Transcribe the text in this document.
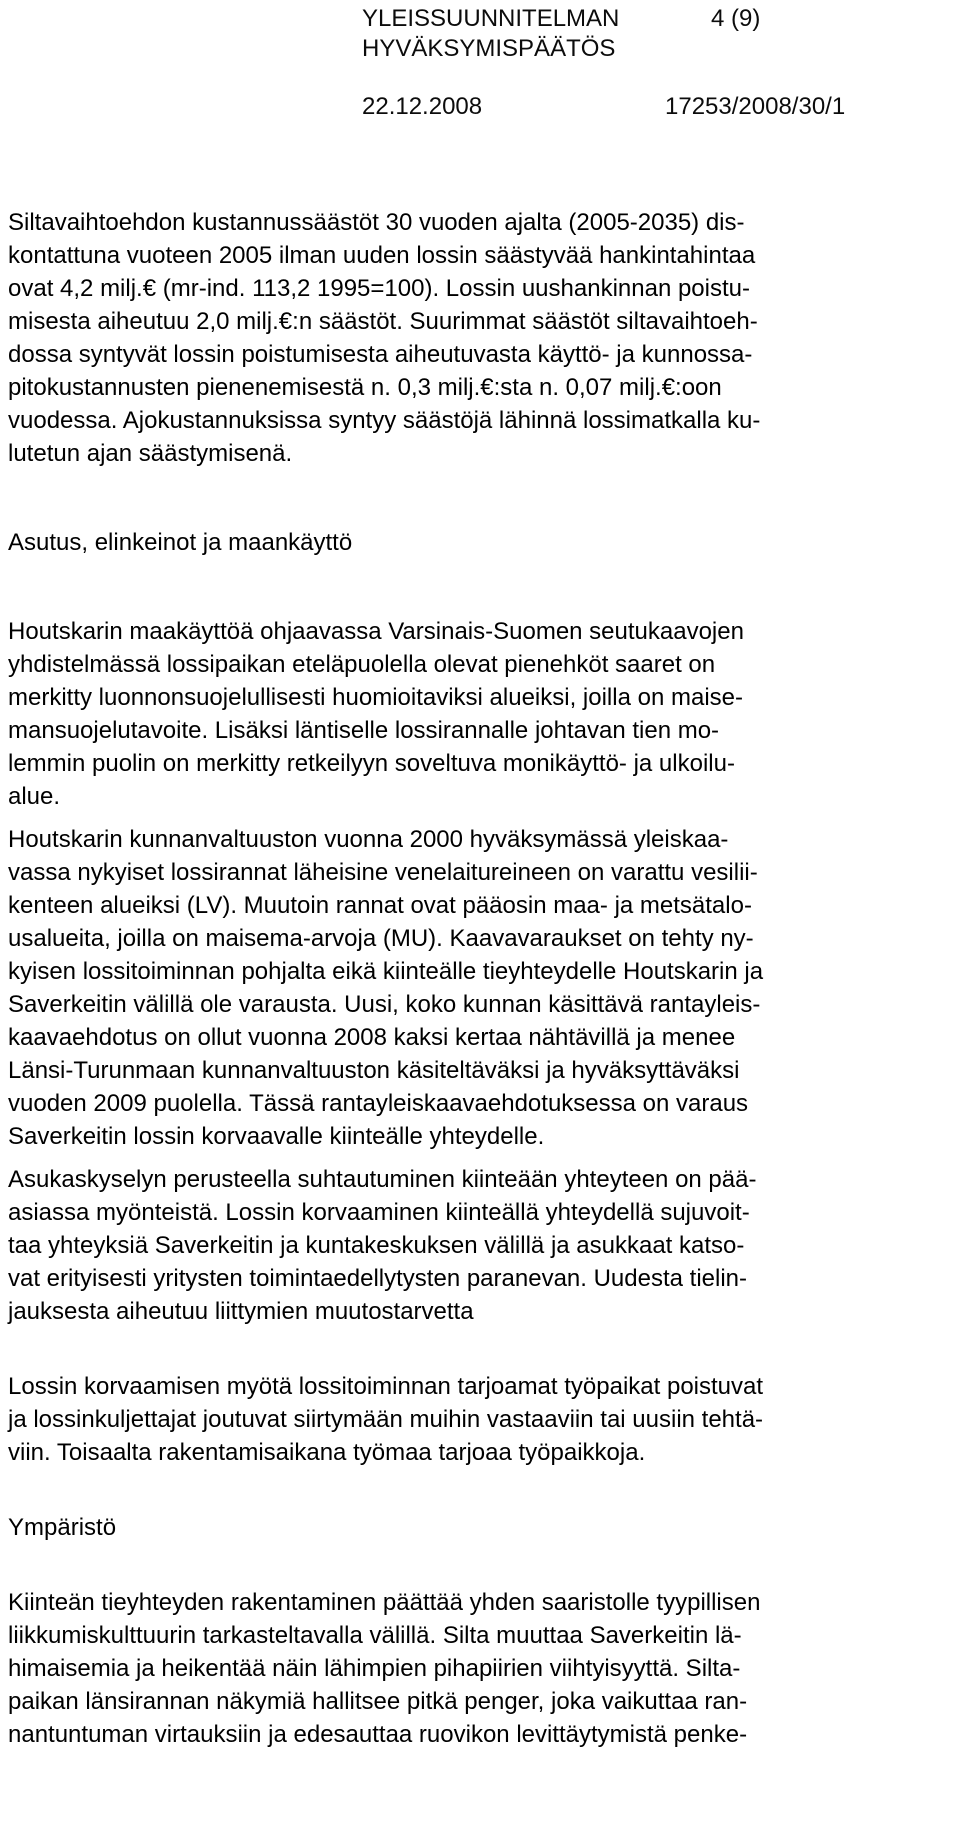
YLEISSUUNNITELMAN
HYVÄKSYMISPÄÄTÖS
4 (9)
22.12.2008	17253/2008/30/1
Siltavaihtoehdon kustannussäästöt 30 vuoden ajalta (2005-2035) dis-
kontattuna vuoteen 2005 ilman uuden lossin säästyvää hankintahintaa
ovat 4,2 milj.€ (mr-ind. 113,2 1995=100). Lossin uushankinnan poistu-
misesta aiheutuu 2,0 milj.€:n säästöt. Suurimmat säästöt siltavaihtoeh-
dossa syntyvät lossin poistumisesta aiheutuvasta käyttö- ja kunnossa-
pitokustannusten pienenemisestä n. 0,3 milj.€:sta n. 0,07 milj.€:oon
vuodessa. Ajokustannuksissa syntyy säästöjä lähinnä lossimatkalla ku-
lutetun ajan säästymisenä.
Asutus, elinkeinot ja maankäyttö
Houtskarin maakäyttöä ohjaavassa Varsinais-Suomen seutukaavojen
yhdistelmässä lossipaikan eteläpuolella olevat pienehköt saaret on
merkitty luonnonsuojelullisesti huomioitaviksi alueiksi, joilla on maise-
mansuojelutavoite. Lisäksi läntiselle lossirannalle johtavan tien mo-
lemmin puolin on merkitty retkeilyyn soveltuva monikäyttö- ja ulkoilu-
alue.
Houtskarin kunnanvaltuuston vuonna 2000 hyväksymässä yleiskaa-
vassa nykyiset lossirannat läheisine venelaitureineen on varattu vesilii-
kenteen alueiksi (LV). Muutoin rannat ovat pääosin maa- ja metsätalo-
usalueita, joilla on maisema-arvoja (MU). Kaavavaraukset on tehty ny-
kyisen lossitoiminnan pohjalta eikä kiinteälle tieyhteydelle Houtskarin ja
Saverkeitin välillä ole varausta. Uusi, koko kunnan käsittävä rantayleis-
kaavaehdotus on ollut vuonna 2008 kaksi kertaa nähtävillä ja menee
Länsi-Turunmaan kunnanvaltuuston käsiteltäväksi ja hyväksyttäväksi
vuoden 2009 puolella. Tässä rantayleiskaavaehdotuksessa on varaus
Saverkeitin lossin korvaavalle kiinteälle yhteydelle.
Asukaskyselyn perusteella suhtautuminen kiinteään yhteyteen on pää-
asiassa myönteistä. Lossin korvaaminen kiinteällä yhteydellä sujuvoit-
taa yhteyksiä Saverkeitin ja kuntakeskuksen välillä ja asukkaat katso-
vat erityisesti yritysten toimintaedellytysten paranevan. Uudesta tielin-
jauksesta aiheutuu liittymien muutostarvetta
Lossin korvaamisen myötä lossitoiminnan tarjoamat työpaikat poistuvat
ja lossinkuljettajat joutuvat siirtymään muihin vastaaviin tai uusiin tehtä-
viin. Toisaalta rakentamisaikana työmaa tarjoaa työpaikkoja.
Ympäristö
Kiinteän tieyhteyden rakentaminen päättää yhden saaristolle tyypillisen
liikkumiskulttuurin tarkasteltavalla välillä. Silta muuttaa Saverkeitin lä-
himaisemia ja heikentää näin lähimpien pihapiirien viihtyisyyttä. Silta-
paikan länsirannan näkymiä hallitsee pitkä penger, joka vaikuttaa ran-
nantuntuman virtauksiin ja edesauttaa ruovikon levittäytymistä penke-
